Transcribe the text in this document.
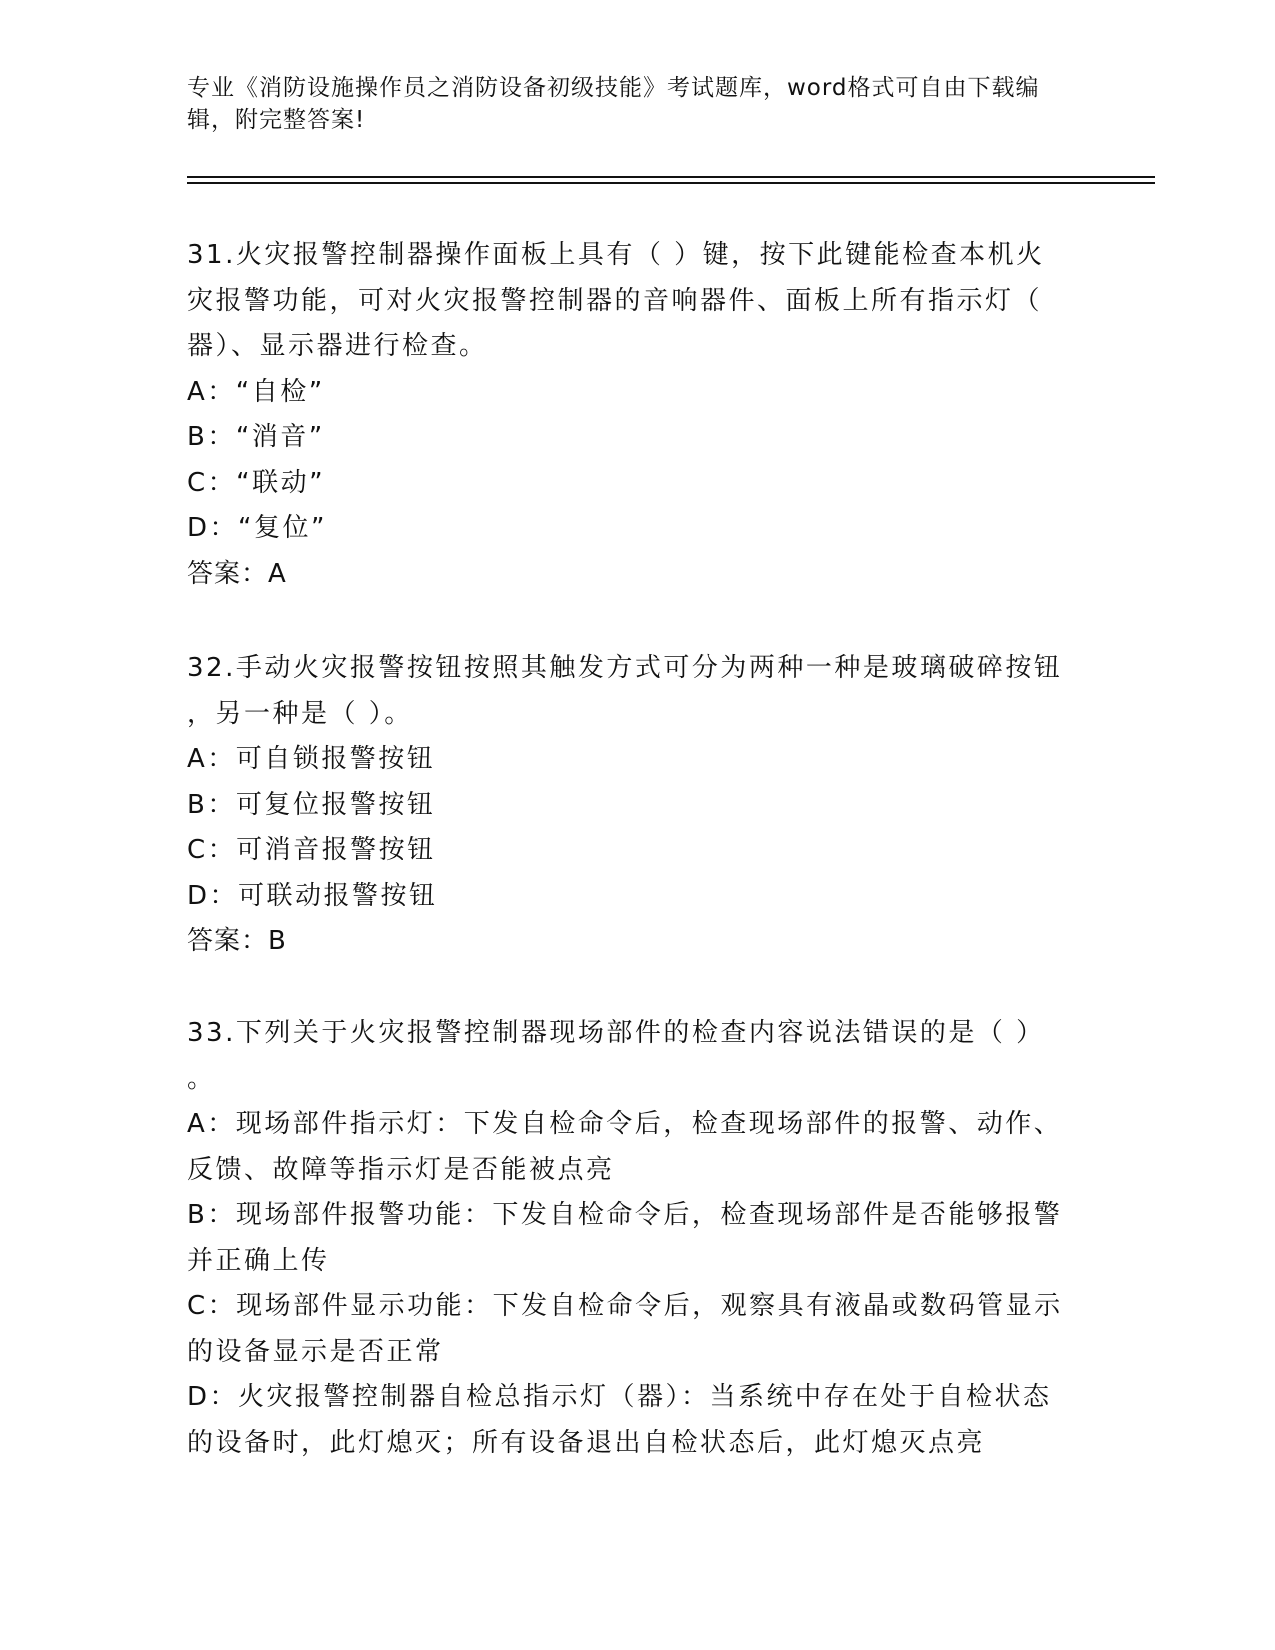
专业《消防设施操作员之消防设备初级技能》考试题库，word格式可自由下载编
辑，附完整答案!
31.火灾报警控制器操作面板上具有（ ）键，按下此键能检查本机火
灾报警功能，可对火灾报警控制器的音响器件、面板上所有指示灯（
器）、显示器进行检查。
A：“自检”
B：“消音”
C：“联动”
D：“复位”
答案：A
32.手动火灾报警按钮按照其触发方式可分为两种一种是玻璃破碎按钮
，另一种是（ ）。
A：可自锁报警按钮
B：可复位报警按钮
C：可消音报警按钮
D：可联动报警按钮
答案：B
33.下列关于火灾报警控制器现场部件的检查内容说法错误的是（ ）
。
A：现场部件指示灯：下发自检命令后，检查现场部件的报警、动作、
反馈、故障等指示灯是否能被点亮
B：现场部件报警功能：下发自检命令后，检查现场部件是否能够报警
并正确上传
C：现场部件显示功能：下发自检命令后，观察具有液晶或数码管显示
的设备显示是否正常
D：火灾报警控制器自检总指示灯（器）：当系统中存在处于自检状态
的设备时，此灯熄灭；所有设备退出自检状态后，此灯熄灭点亮
